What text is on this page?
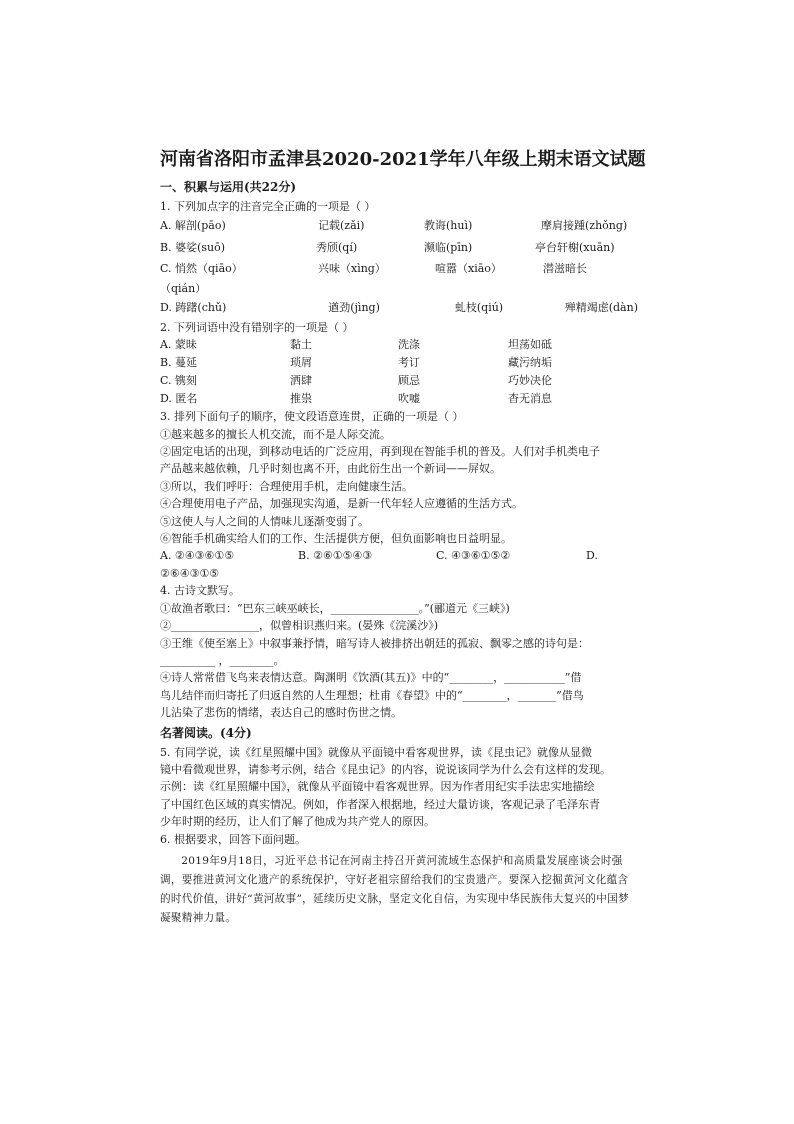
河南省洛阳市孟津县2020-2021学年八年级上期末语文试题
一、积累与运用(共22分)

1. 下列加点字的注音完全正确的一项是（ ）

A. 解剖(pāo)	记载(zǎi)	教诲(huì)	摩肩接踵(zhǒng)
B. 婆娑(suō)	秀颀(qí)	濒临(pīn)	亭台轩榭(xuān)
C. 悄然（qiāo）	兴味（xìng）	喧嚣（xiāo）	潜滋暗长

（qián）

D. 踌躇(chǔ)	遒劲(jìng)	虬枝(qiú)	殚精竭虑(dàn)

2. 下列词语中没有错别字的一项是（ ）

A. 蒙昧	黏土	洗涤	坦荡如砥
B. 蔓延	琐屑	考订	藏污纳垢
C. 镌刻	洒肆	顾忌	巧妙决伦
D. 匿名	推祟	吹嘘	杳无消息

3. 排列下面句子的顺序，使文段语意连贯，正确的一项是（ ）

①越来越多的擅长人机交流，而不是人际交流。

②固定电话的出现，到移动电话的广泛应用，再到现在智能手机的普及。人们对手机类电子

产品越来越依赖，几乎时刻也离不开，由此衍生出一个新词——屏奴。

③所以，我们呼吁：合理使用手机，走向健康生活。

④合理使用电子产品，加强现实沟通，是新一代年轻人应遵循的生活方式。

⑤这使人与人之间的人情味儿逐渐变弱了。

⑥智能手机确实给人们的工作、生活提供方便，但负面影响也日益明显。

A. ②④③⑥①⑤	B. ②⑥①⑤④③	C. ④③⑥①⑤②	D.

②⑥④③①⑤

4. 古诗文默写。

①故渔者歌曰：“巴东三峡巫峡长，________________。”(郦道元《三峡》)

②________________，似曾相识燕归来。(晏殊《浣溪沙》)

③王维《使至塞上》中叙事兼抒情，暗写诗人被排挤出朝廷的孤寂、飘零之感的诗句是：

__________ ，________。

④诗人常常借飞鸟来表情达意。陶渊明《饮酒(其五)》中的“________，___________”借

鸟儿结伴而归寄托了归返自然的人生理想；杜甫《春望》中的“________，_______”借鸟

儿沾染了悲伤的情绪，表达自己的感时伤世之情。

名著阅读。(4分)

5. 有同学说，读《红星照耀中国》就像从平面镜中看客观世界，读《昆虫记》就像从显微

镜中看微观世界，请参考示例，结合《昆虫记》的内容，说说该同学为什么会有这样的发现。

示例：读《红星照耀中国》，就像从平面镜中看客观世界。因为作者用纪实手法忠实地描绘

了中国红色区域的真实情况。例如，作者深入根据地，经过大量访谈，客观记录了毛泽东青

少年时期的经历，让人们了解了他成为共产党人的原因。

6. 根据要求，回答下面问题。

2019年9月18日，习近平总书记在河南主持召开黄河流域生态保护和高质量发展座谈会时强调，要推进黄河文化遗产的系统保护，守好老祖宗留给我们的宝贵遗产。要深入挖掘黄河文化蕴含的时代价值，讲好“黄河故事”，延续历史文脉，坚定文化自信，为实现中华民族伟大复兴的中国梦凝聚精神力量。
